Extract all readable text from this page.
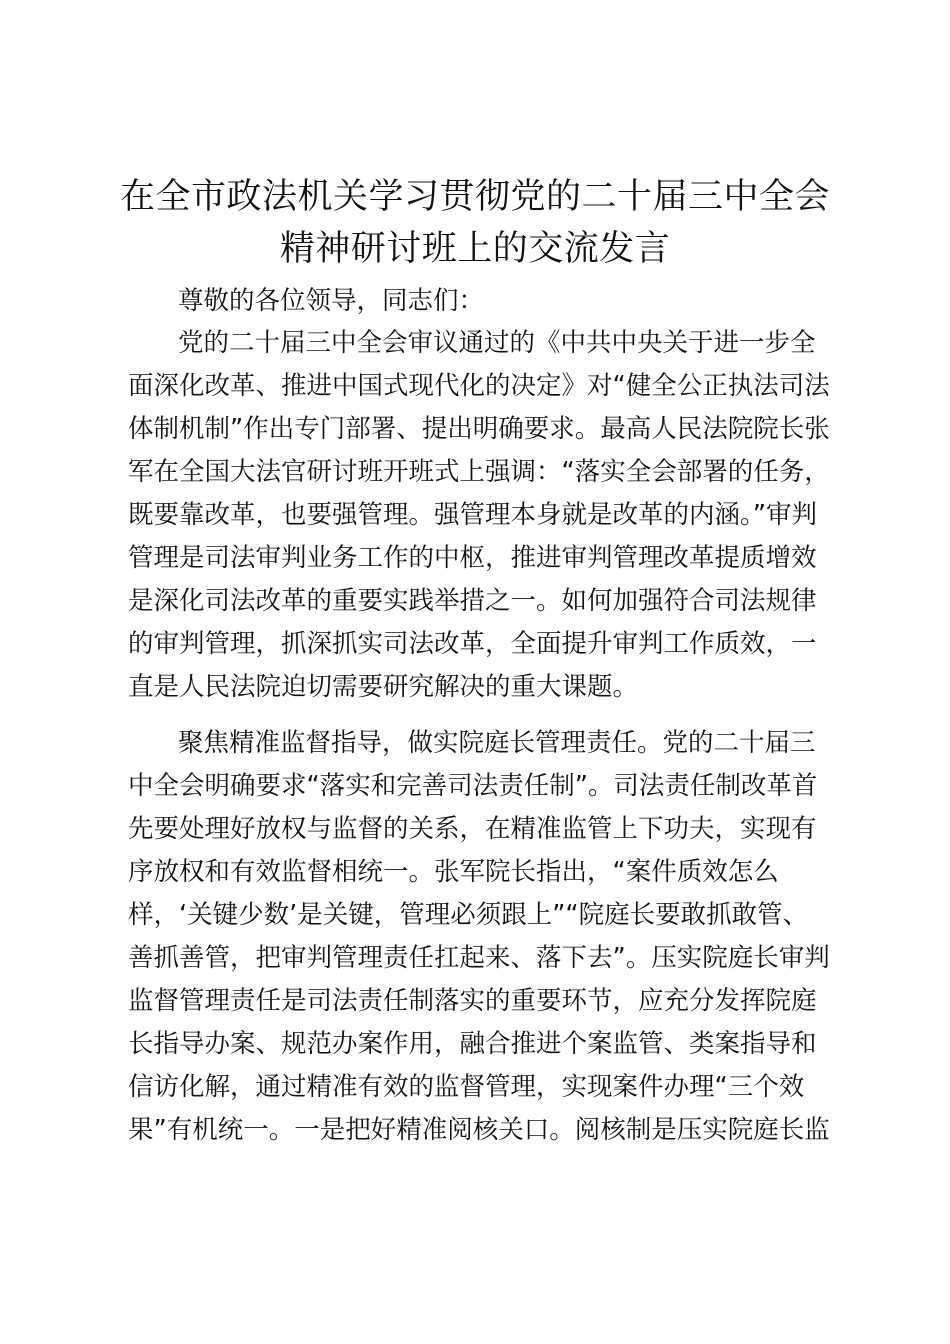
在全市政法机关学习贯彻党的二十届三中全会
精神研讨班上的交流发言
尊敬的各位领导，同志们：
党的二十届三中全会审议通过的《中共中央关于进一步全
面深化改革、推进中国式现代化的决定》对“健全公正执法司法
体制机制”作出专门部署、提出明确要求。最高人民法院院长张
军在全国大法官研讨班开班式上强调：“落实全会部署的任务，
既要靠改革，也要强管理。强管理本身就是改革的内涵。”审判
管理是司法审判业务工作的中枢，推进审判管理改革提质增效
是深化司法改革的重要实践举措之一。如何加强符合司法规律
的审判管理，抓深抓实司法改革，全面提升审判工作质效，一
直是人民法院迫切需要研究解决的重大课题。
聚焦精准监督指导，做实院庭长管理责任。党的二十届三
中全会明确要求“落实和完善司法责任制”。司法责任制改革首
先要处理好放权与监督的关系，在精准监管上下功夫，实现有
序放权和有效监督相统一。张军院长指出，“案件质效怎么
样，‘关键少数’是关键，管理必须跟上”“院庭长要敢抓敢管、
善抓善管，把审判管理责任扛起来、落下去”。压实院庭长审判
监督管理责任是司法责任制落实的重要环节，应充分发挥院庭
长指导办案、规范办案作用，融合推进个案监管、类案指导和
信访化解，通过精准有效的监督管理，实现案件办理“三个效
果”有机统一。一是把好精准阅核关口。阅核制是压实院庭长监
